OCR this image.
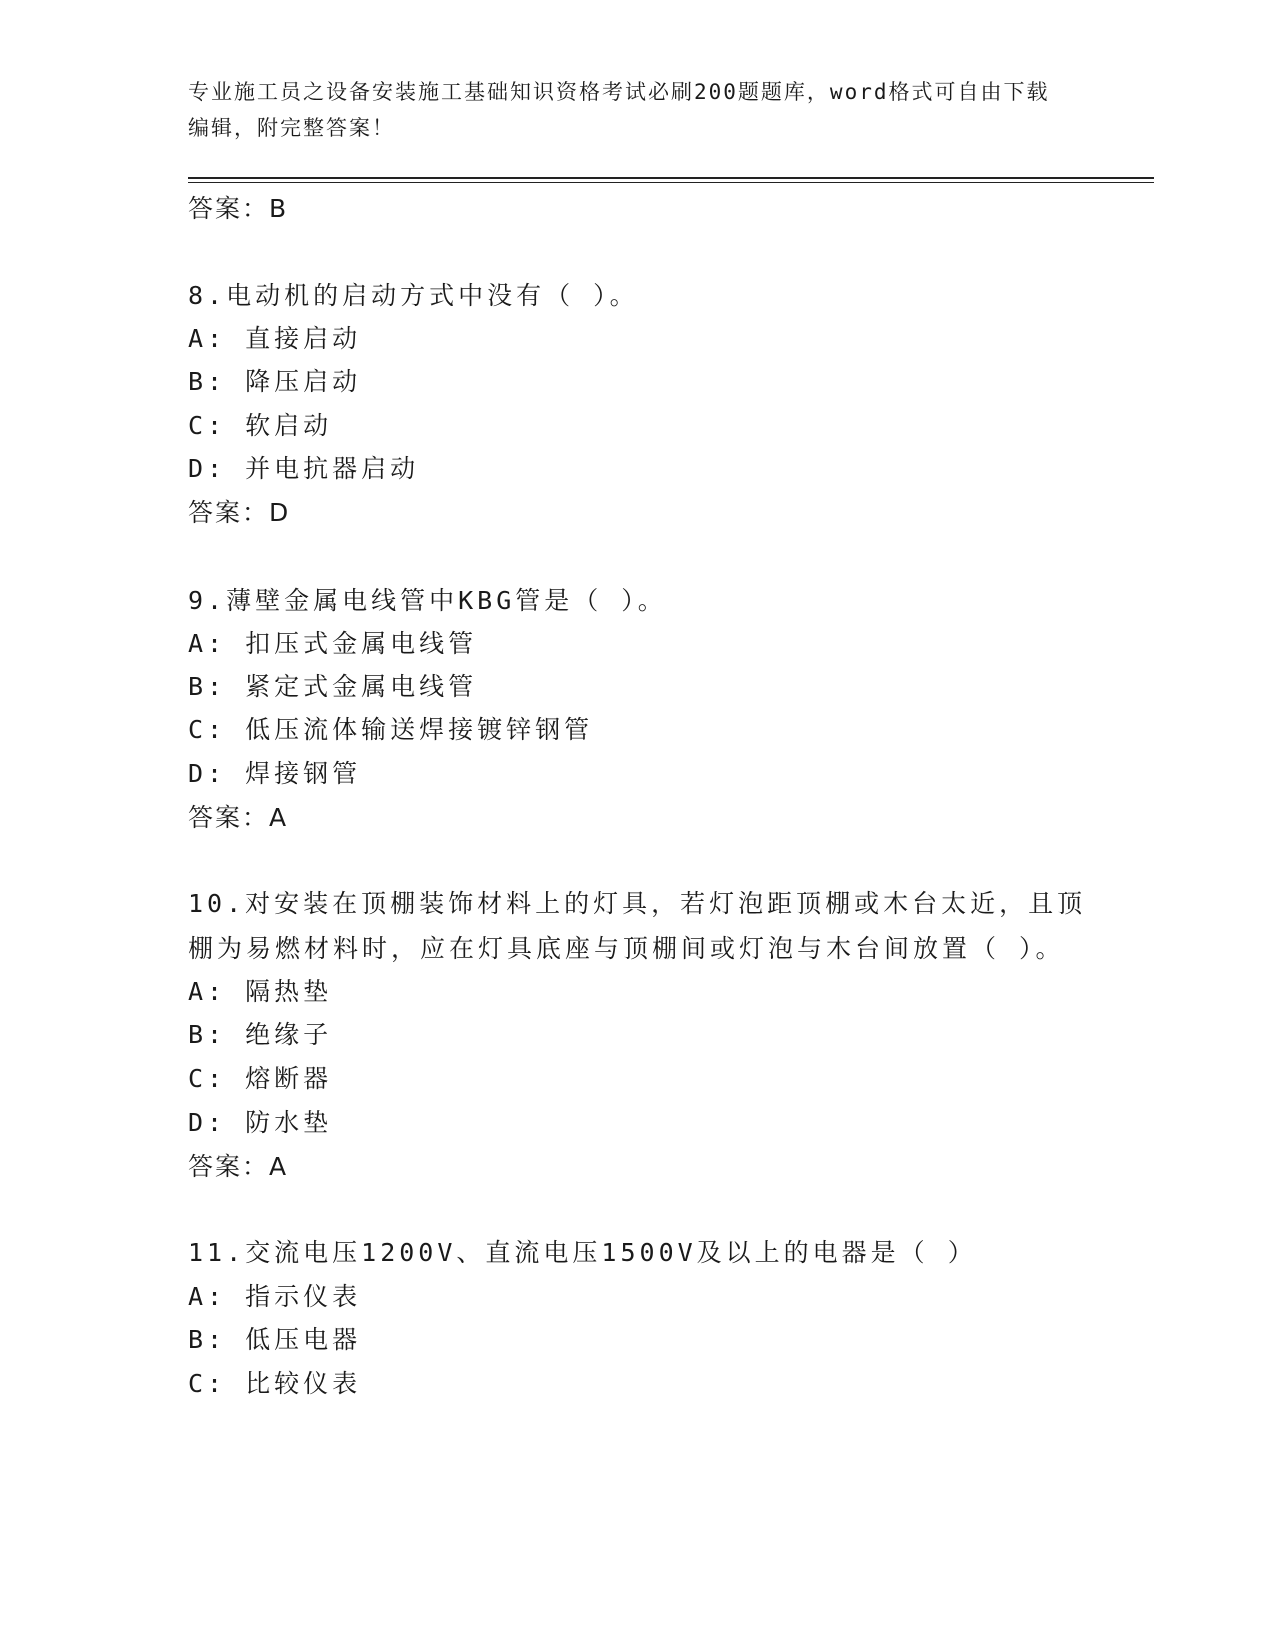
专业施工员之设备安装施工基础知识资格考试必刷200题题库，word格式可自由下载编辑，附完整答案！
答案：B
8.电动机的启动方式中没有（ ）。
A: 直接启动
B: 降压启动
C: 软启动
D: 并电抗器启动
答案：D
9.薄壁金属电线管中KBG管是（ ）。
A: 扣压式金属电线管
B: 紧定式金属电线管
C: 低压流体输送焊接镀锌钢管
D: 焊接钢管
答案：A
10.对安装在顶棚装饰材料上的灯具，若灯泡距顶棚或木台太近，且顶棚为易燃材料时，应在灯具底座与顶棚间或灯泡与木台间放置（ ）。
A: 隔热垫
B: 绝缘子
C: 熔断器
D: 防水垫
答案：A
11.交流电压1200V、直流电压1500V及以上的电器是（ ）
A: 指示仪表
B: 低压电器
C: 比较仪表
